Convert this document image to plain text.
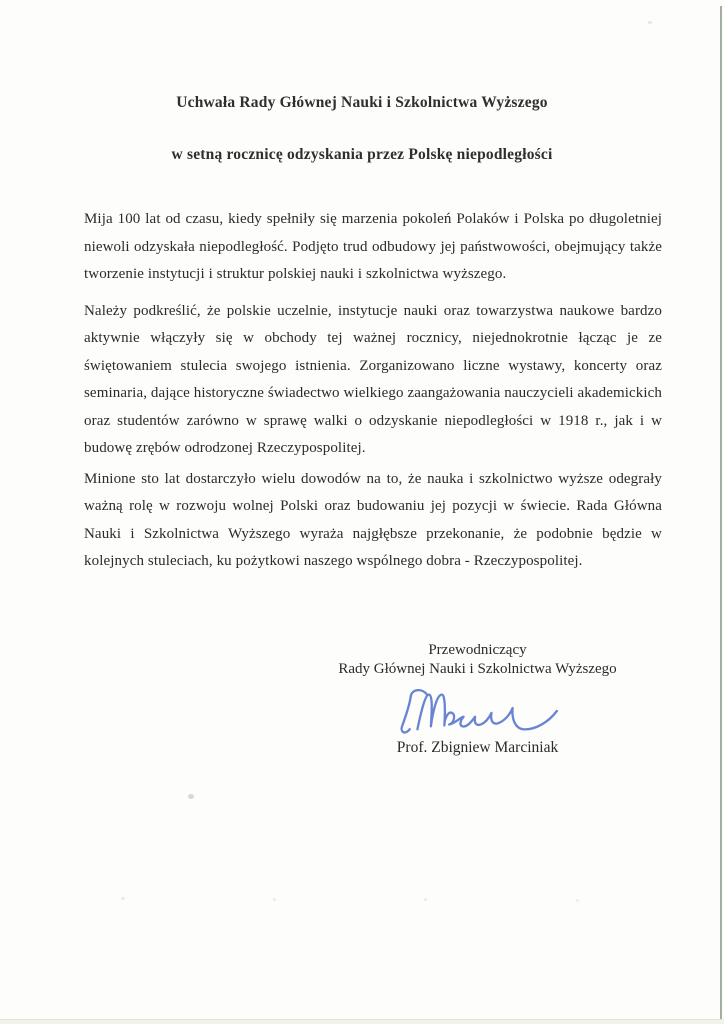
Uchwała Rady Głównej Nauki i Szkolnictwa Wyższego
w setną rocznicę odzyskania przez Polskę niepodległości

Mija 100 lat od czasu, kiedy spełniły się marzenia pokoleń Polaków i Polska po długoletniej niewoli odzyskała niepodległość. Podjęto trud odbudowy jej państwowości, obejmujący także tworzenie instytucji i struktur polskiej nauki i szkolnictwa wyższego.

Należy podkreślić, że polskie uczelnie, instytucje nauki oraz towarzystwa naukowe bardzo aktywnie włączyły się w obchody tej ważnej rocznicy, niejednokrotnie łącząc je ze świętowaniem stulecia swojego istnienia. Zorganizowano liczne wystawy, koncerty oraz seminaria, dające historyczne świadectwo wielkiego zaangażowania nauczycieli akademickich oraz studentów zarówno w sprawę walki o odzyskanie niepodległości w 1918 r., jak i w budowę zrębów odrodzonej Rzeczypospolitej.

Minione sto lat dostarczyło wielu dowodów na to, że nauka i szkolnictwo wyższe odegrały ważną rolę w rozwoju wolnej Polski oraz budowaniu jej pozycji w świecie. Rada Główna Nauki i Szkolnictwa Wyższego wyraża najgłębsze przekonanie, że podobnie będzie w kolejnych stuleciach, ku pożytkowi naszego wspólnego dobra - Rzeczypospolitej.

Przewodniczący
Rady Głównej Nauki i Szkolnictwa Wyższego
Prof. Zbigniew Marciniak
